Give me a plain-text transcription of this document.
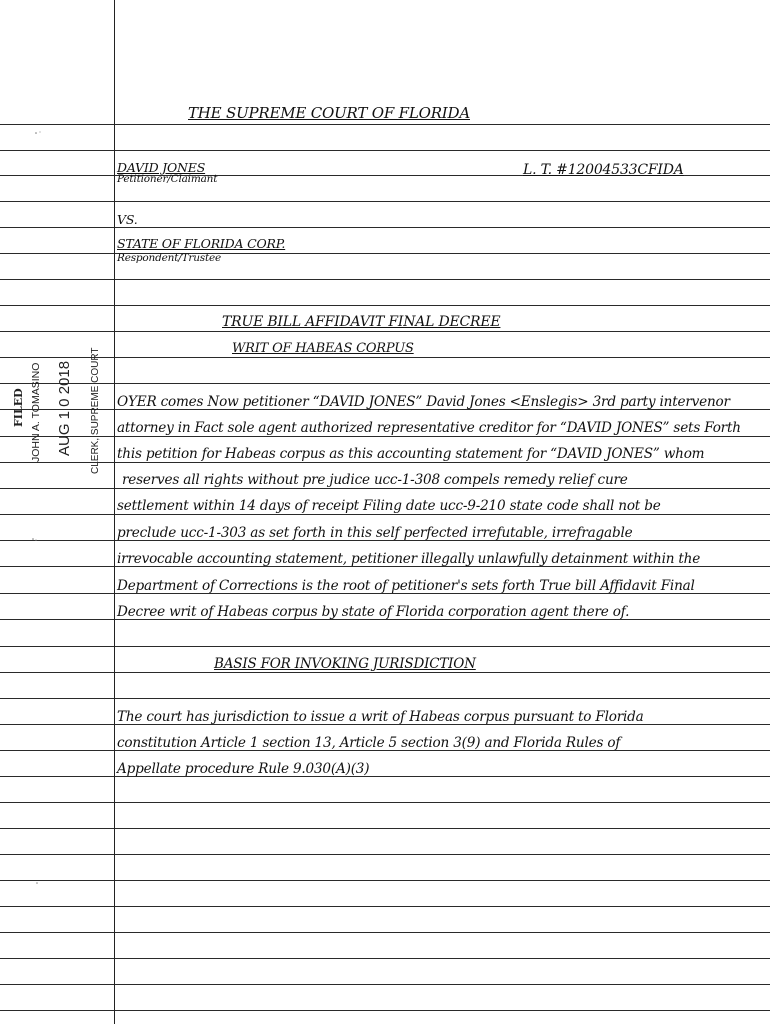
THE SUPREME COURT OF FLORIDA
DAVID JONES
Petitioner/Claimant
L. T. #12004533CFIDA
VS.
STATE OF FLORIDA CORP.
Respondent/Trustee
TRUE BILL AFFIDAVIT FINAL DECREE
WRIT OF HABEAS CORPUS
OYER comes Now petitioner “DAVID JONES” David Jones <Enslegis> 3rd party intervenor
attorney in Fact sole agent authorized representative creditor for “DAVID JONES” sets Forth
this petition for Habeas corpus as this accounting statement for “DAVID JONES” whom
reserves all rights without pre judice ucc-1-308 compels remedy relief cure
settlement within 14 days of receipt Filing date ucc-9-210 state code shall not be
preclude ucc-1-303 as set forth in this self perfected irrefutable, irrefragable
irrevocable accounting statement, petitioner illegally unlawfully detainment within the
Department of Corrections is the root of petitioner's sets forth True bill Affidavit Final
Decree writ of Habeas corpus by state of Florida corporation agent there of.
BASIS FOR INVOKING JURISDICTION
The court has jurisdiction to issue a writ of Habeas corpus pursuant to Florida
constitution Article 1 section 13, Article 5 section 3(9) and Florida Rules of
Appellate procedure Rule 9.030(A)(3)
FILED JOHN A. TOMASINO AUG 1 0 2018 CLERK, SUPREME COURT
